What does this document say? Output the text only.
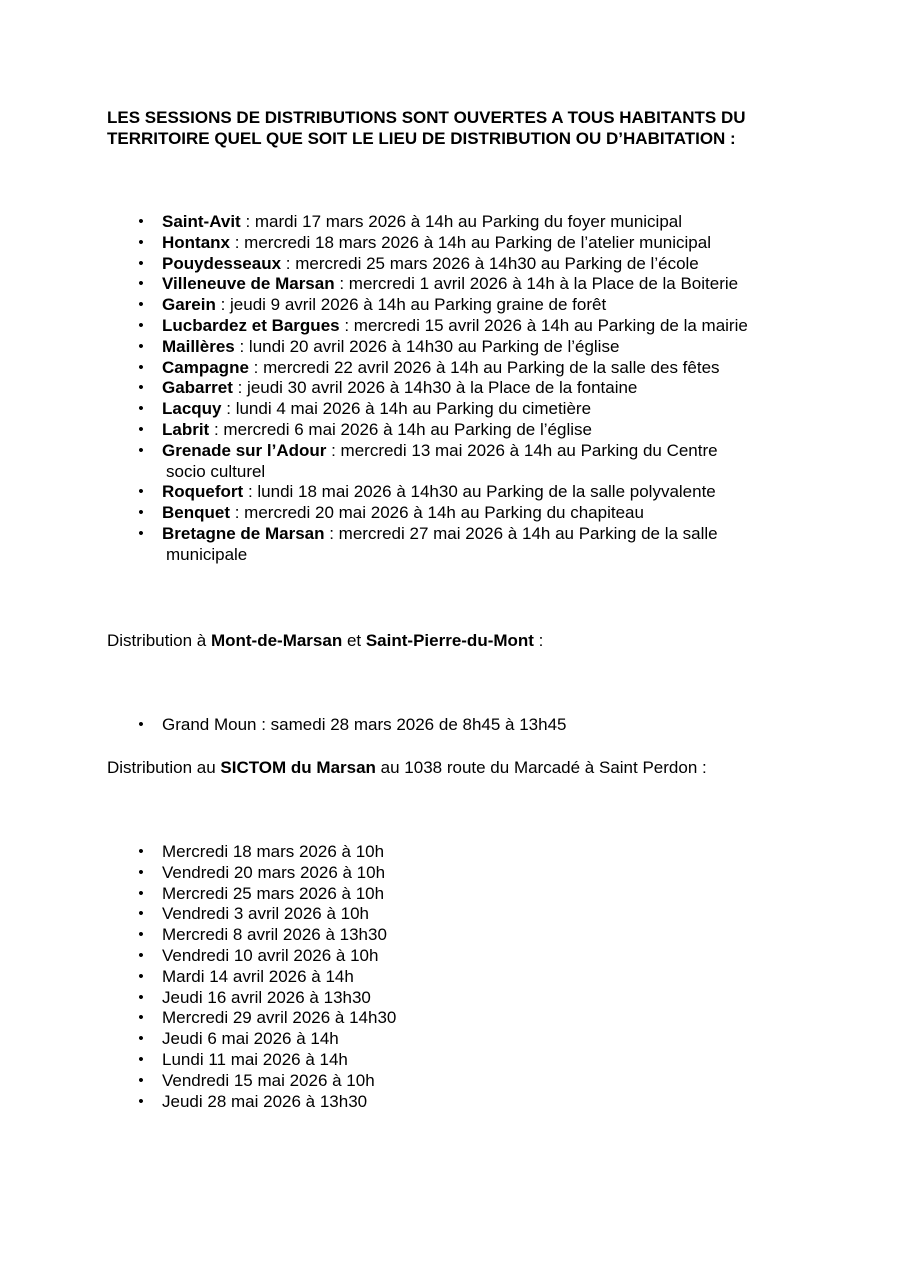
LES SESSIONS DE DISTRIBUTIONS SONT OUVERTES A TOUS HABITANTS DU
TERRITOIRE QUEL QUE SOIT LE LIEU DE DISTRIBUTION OU D’HABITATION :
• Saint-Avit : mardi 17 mars 2026 à 14h au Parking du foyer municipal
• Hontanx : mercredi 18 mars 2026 à 14h au Parking de l’atelier municipal
• Pouydesseaux : mercredi 25 mars 2026 à 14h30 au Parking de l’école
• Villeneuve de Marsan : mercredi 1 avril 2026 à 14h à la Place de la Boiterie
• Garein : jeudi 9 avril 2026 à 14h au Parking graine de forêt
• Lucbardez et Bargues : mercredi 15 avril 2026 à 14h au Parking de la mairie
• Maillères : lundi 20 avril 2026 à 14h30 au Parking de l’église
• Campagne : mercredi 22 avril 2026 à 14h au Parking de la salle des fêtes
• Gabarret : jeudi 30 avril 2026 à 14h30 à la Place de la fontaine
• Lacquy : lundi 4 mai 2026 à 14h au Parking du cimetière
• Labrit : mercredi 6 mai 2026 à 14h au Parking de l’église
• Grenade sur l’Adour : mercredi 13 mai 2026 à 14h au Parking du Centre
socio culturel
• Roquefort : lundi 18 mai 2026 à 14h30 au Parking de la salle polyvalente
• Benquet : mercredi 20 mai 2026 à 14h au Parking du chapiteau
• Bretagne de Marsan : mercredi 27 mai 2026 à 14h au Parking de la salle
municipale
Distribution à Mont-de-Marsan et Saint-Pierre-du-Mont :
• Grand Moun : samedi 28 mars 2026 de 8h45 à 13h45
Distribution au SICTOM du Marsan au 1038 route du Marcadé à Saint Perdon :
• Mercredi 18 mars 2026 à 10h
• Vendredi 20 mars 2026 à 10h
• Mercredi 25 mars 2026 à 10h
• Vendredi 3 avril 2026 à 10h
• Mercredi 8 avril 2026 à 13h30
• Vendredi 10 avril 2026 à 10h
• Mardi 14 avril 2026 à 14h
• Jeudi 16 avril 2026 à 13h30
• Mercredi 29 avril 2026 à 14h30
• Jeudi 6 mai 2026 à 14h
• Lundi 11 mai 2026 à 14h
• Vendredi 15 mai 2026 à 10h
• Jeudi 28 mai 2026 à 13h30
